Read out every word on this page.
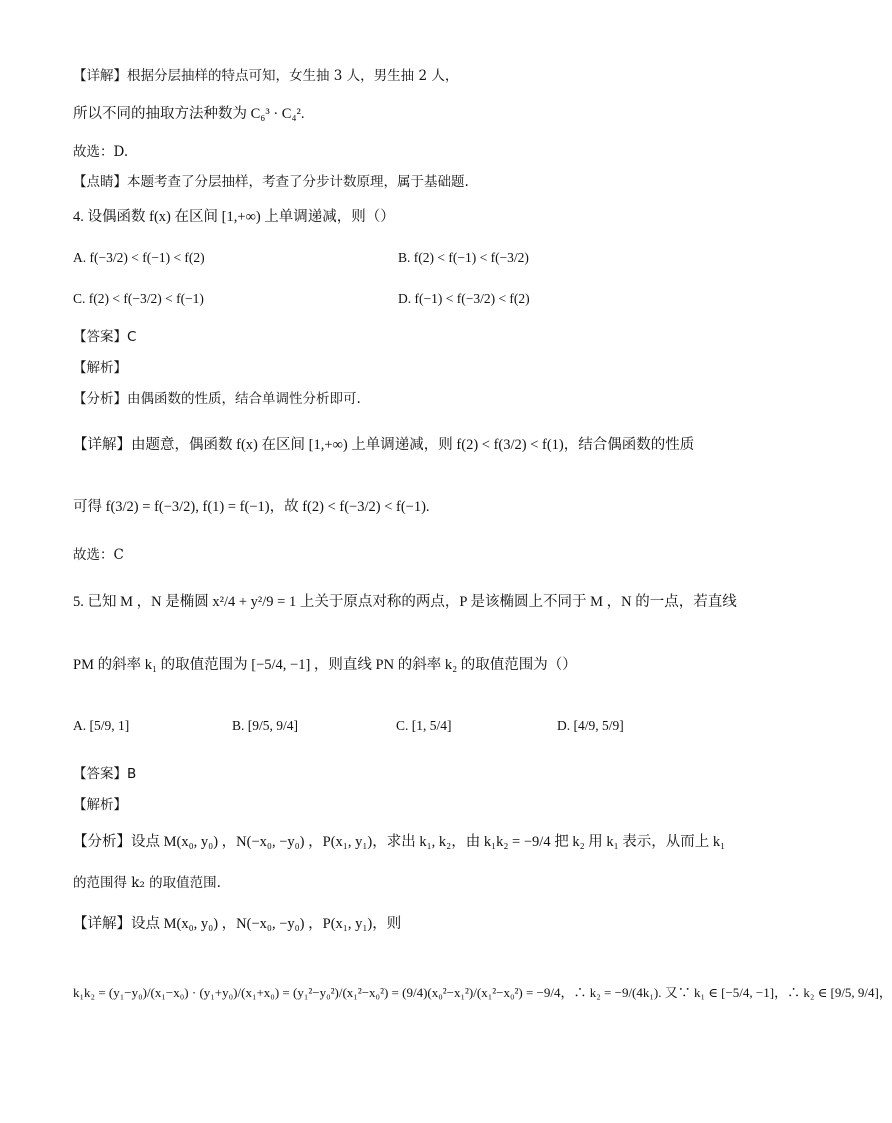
【详解】根据分层抽样的特点可知，女生抽 3 人，男生抽 2 人，
所以不同的抽取方法种数为 C₆³ · C₄².
故选：D.
【点睛】本题考查了分层抽样，考查了分步计数原理，属于基础题.
4. 设偶函数 f(x) 在区间 [1,+∞) 上单调递减，则（）
A. f(−3/2) < f(−1) < f(2)	B. f(2) < f(−1) < f(−3/2)
C. f(2) < f(−3/2) < f(−1)	D. f(−1) < f(−3/2) < f(2)
【答案】C
【解析】
【分析】由偶函数的性质，结合单调性分析即可.
【详解】由题意，偶函数 f(x) 在区间 [1,+∞) 上单调递减，则 f(2) < f(3/2) < f(1)，结合偶函数的性质
可得 f(3/2) = f(−3/2), f(1) = f(−1)，故 f(2) < f(−3/2) < f(−1).
故选：C
5. 已知 M ，N 是椭圆 x²/4 + y²/9 = 1 上关于原点对称的两点，P 是该椭圆上不同于 M ，N 的一点，若直线
PM 的斜率 k₁ 的取值范围为 [−5/4, −1] ，则直线 PN 的斜率 k₂ 的取值范围为（）
A. [5/9, 1]	B. [9/5, 9/4]	C. [1, 5/4]	D. [4/9, 5/9]
【答案】B
【解析】
【分析】设点 M(x₀, y₀) ，N(−x₀, −y₀) ，P(x₁, y₁)，求出 k₁, k₂，由 k₁k₂ = −9/4 把 k₂ 用 k₁ 表示，从而上 k₁
的范围得 k₂ 的取值范围.
【详解】设点 M(x₀, y₀) ，N(−x₀, −y₀) ，P(x₁, y₁)，则
k₁k₂ = (y₁−y₀)/(x₁−x₀) · (y₁+y₀)/(x₁+x₀) = (y₁²−y₀²)/(x₁²−x₀²) = (9/4)(x₀²−x₁²)/(x₁²−x₀²) = −9/4，∴ k₂ = −9/(4k₁). 又∵ k₁ ∈ [−5/4, −1]，∴ k₂ ∈ [9/5, 9/4]，
